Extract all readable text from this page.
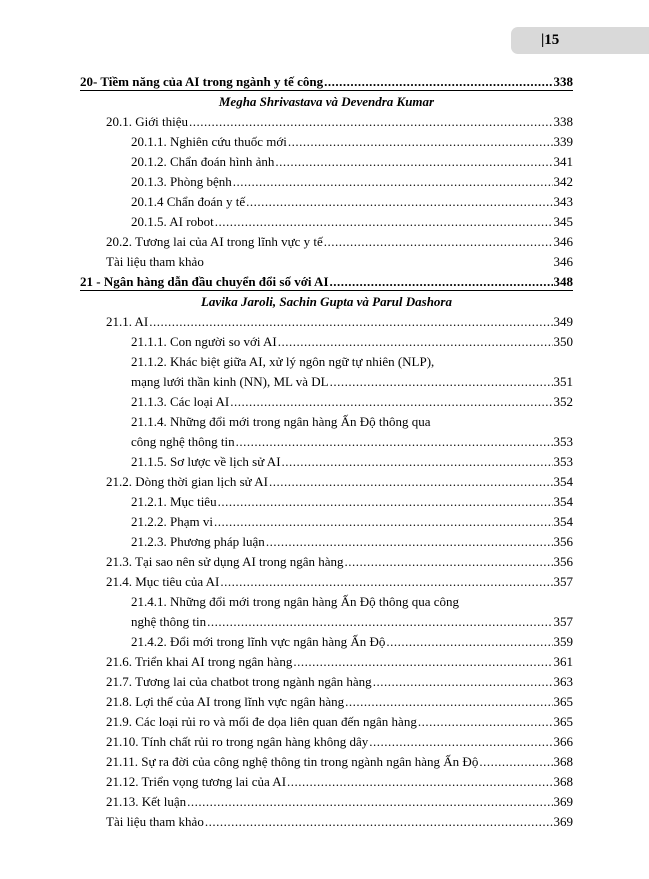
|15
20- Tiềm năng của AI trong ngành y tế công .....	338
Megha Shrivastava và Devendra Kumar
20.1. Giới thiệu .....	338
20.1.1. Nghiên cứu thuốc mới .....	339
20.1.2. Chẩn đoán hình ảnh .....	341
20.1.3. Phòng bệnh .....	342
20.1.4 Chẩn đoán y tế .....	343
20.1.5. AI robot .....	345
20.2. Tương lai của AI trong lĩnh vực y tế .....	346
Tài liệu tham khảo	346
21 - Ngân hàng dẫn đầu chuyển đổi số với AI .....	348
Lavika Jaroli, Sachin Gupta và Parul Dashora
21.1. AI .....	349
21.1.1. Con người so với AI .....	350
21.1.2. Khác biệt giữa AI, xử lý ngôn ngữ tự nhiên (NLP),
mạng lưới thần kinh (NN), ML và DL .....	351
21.1.3. Các loại AI .....	352
21.1.4. Những đổi mới trong ngân hàng Ấn Độ thông qua
công nghệ thông tin .....	353
21.1.5. Sơ lược về lịch sử AI .....	353
21.2. Dòng thời gian lịch sử AI .....	354
21.2.1. Mục tiêu .....	354
21.2.2. Phạm vi .....	354
21.2.3. Phương pháp luận .....	356
21.3. Tại sao nên sử dụng AI trong ngân hàng .....	356
21.4. Mục tiêu của AI .....	357
21.4.1. Những đổi mới trong ngân hàng Ấn Độ thông qua công
nghệ thông tin .....	357
21.4.2. Đổi mới trong lĩnh vực ngân hàng Ấn Độ .....	359
21.6. Triển khai AI trong ngân hàng .....	361
21.7. Tương lai của chatbot trong ngành ngân hàng .....	363
21.8. Lợi thế của AI trong lĩnh vực ngân hàng .....	365
21.9. Các loại rủi ro và mối đe dọa liên quan đến ngân hàng .....	365
21.10. Tính chất rủi ro trong ngân hàng không dây .....	366
21.11. Sự ra đời của công nghệ thông tin trong ngành ngân hàng Ấn Độ .....	368
21.12. Triển vọng tương lai của AI .....	368
21.13. Kết luận .....	369
Tài liệu tham khảo .....	369
